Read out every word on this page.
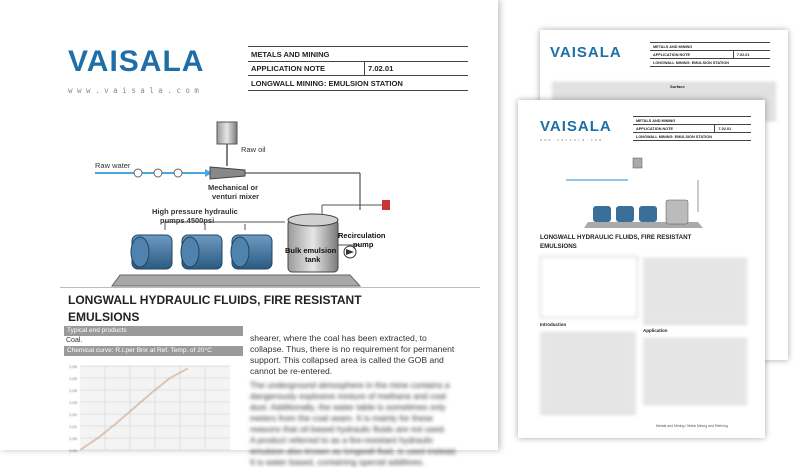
VAISALA
w w w . v a i s a l a . c o m
METALS AND MINING
APPLICATION NOTE	7.02.01
LONGWALL MINING: EMULSION STATION
Raw water
Raw oil
Mechanical or
venturi mixer
High pressure hydraulic
pumps 4500psi
Bulk emulsion
tank
Recirculation
pump
LONGWALL HYDRAULIC FLUIDS, FIRE RESISTANT
EMULSIONS
Typical end products
Coal.
Chemical curve: R.I.per Brix at Ref. Temp. of 20°C
1.06
1.05
1.04
1.03
1.02
1.01
1.00
0.99
shearer, where the coal has been extracted, to
collapse. Thus, there is no requirement for permanent
support. This collapsed area is called the GOB and
cannot be re-entered.
The underground atmosphere in the mine contains a
dangerously explosive mixture of methane and coal
dust. Additionally, the water table is sometimes only
meters from the coal seam. It is mainly for these
reasons that oil based hydraulic fluids are not used.
A product referred to as a fire-resistant hydraulic
emulsion also known as longwall fluid, is used instead.
It is water based, containing special additives.
VAISALA	METALS AND MINING
APPLICATION NOTE	7.02.01
LONGWALL MINING: EMULSION STATION
Surface
VAISALA
w w w . v a i s a l a . c o m
METALS AND MINING
APPLICATION NOTE	7.02.01
LONGWALL MINING: EMULSION STATION
LONGWALL HYDRAULIC FLUIDS, FIRE RESISTANT
EMULSIONS
Introduction
Application
Metals and Mining / Metal Mining and Refining
